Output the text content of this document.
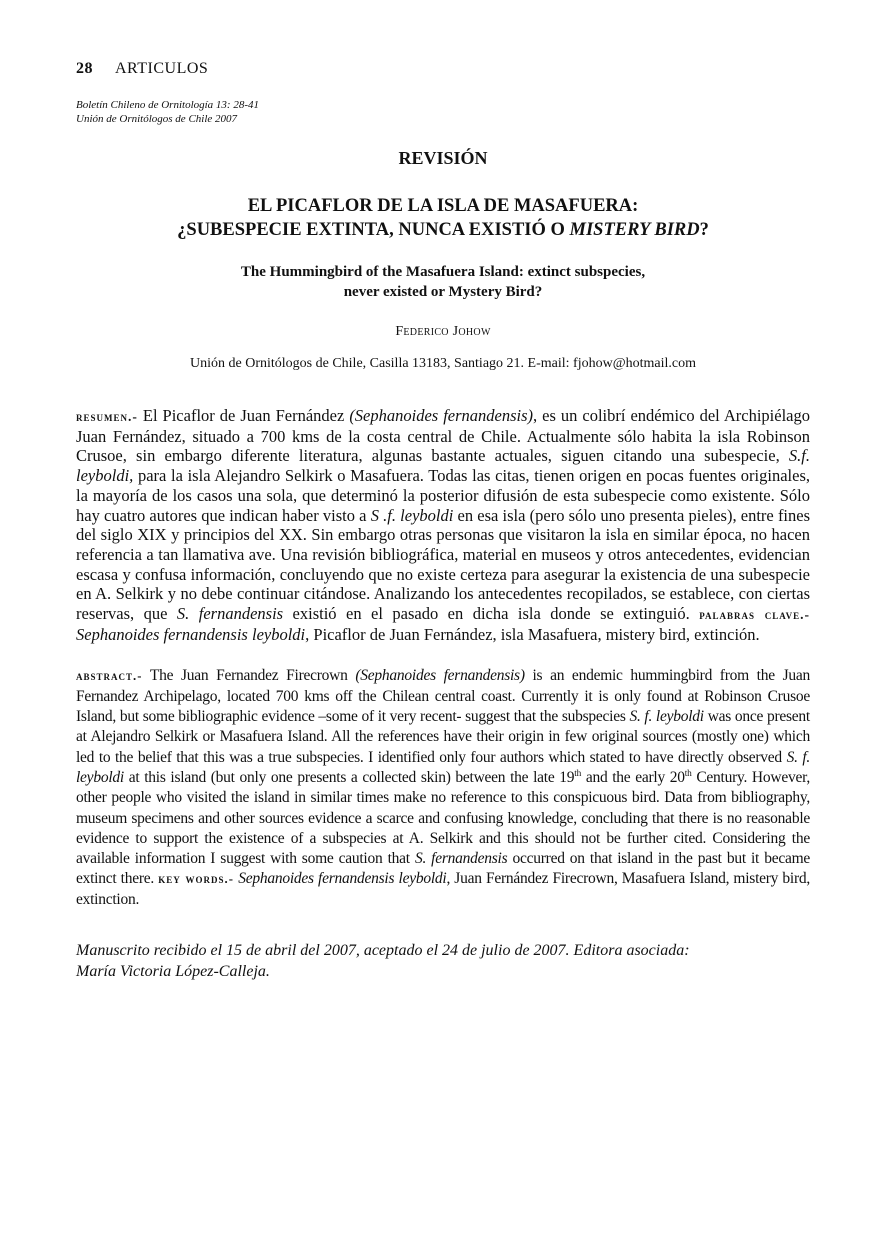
28 ARTICULOS
Boletín Chileno de Ornitología 13: 28-41
Unión de Ornitólogos de Chile 2007
REVISIÓN
EL PICAFLOR DE LA ISLA DE MASAFUERA:
¿SUBESPECIE EXTINTA, NUNCA EXISTIÓ O MISTERY BIRD?
The Hummingbird of the Masafuera Island: extinct subspecies,
never existed or Mystery Bird?
Federico Johow
Unión de Ornitólogos de Chile, Casilla 13183, Santiago 21. E-mail: fjohow@hotmail.com

resumen.- El Picaflor de Juan Fernández (Sephanoides fernandensis), es un colibrí endémico del Archipiélago Juan Fernández, situado a 700 kms de la costa central de Chile. Actualmente sólo habita la isla Robinson Crusoe, sin embargo diferente literatura, algunas bastante actuales, siguen citando una subespecie, S.f. leyboldi, para la isla Alejandro Selkirk o Masafuera. Todas las citas, tienen origen en pocas fuentes originales, la mayoría de los casos una sola, que determinó la posterior difusión de esta subespecie como existente. Sólo hay cuatro autores que indican haber visto a S .f. leyboldi en esa isla (pero sólo uno presenta pieles), entre fines del siglo XIX y principios del XX. Sin embargo otras personas que visitaron la isla en similar época, no hacen referencia a tan llamativa ave. Una revisión bibliográfica, material en museos y otros antecedentes, evidencian escasa y confusa información, concluyendo que no existe certeza para asegurar la existencia de una subespecie en A. Selkirk y no debe continuar citándose. Analizando los antecedentes recopilados, se establece, con ciertas reservas, que S. fernandensis existió en el pasado en dicha isla donde se extinguió. palabras clave.- Sephanoides fernandensis leyboldi, Picaflor de Juan Fernández, isla Masafuera, mistery bird, extinción.

abstract.- The Juan Fernandez Firecrown (Sephanoides fernandensis) is an endemic hummingbird from the Juan Fernandez Archipelago, located 700 kms off the Chilean central coast. Currently it is only found at Robinson Crusoe Island, but some bibliographic evidence –some of it very recent- suggest that the subspecies S. f. leyboldi was once present at Alejandro Selkirk or Masafuera Island. All the references have their origin in few original sources (mostly one) which led to the belief that this was a true subspecies. I identified only four authors which stated to have directly observed S. f. leyboldi at this island (but only one presents a collected skin) between the late 19th and the early 20th Century. However, other people who visited the island in similar times make no reference to this conspicuous bird. Data from bibliography, museum specimens and other sources evidence a scarce and confusing knowledge, concluding that there is no reasonable evidence to support the existence of a subspecies at A. Selkirk and this should not be further cited. Considering the available information I suggest with some caution that S. fernandensis occurred on that island in the past but it became extinct there. key words.- Sephanoides fernandensis leyboldi, Juan Fernández Firecrown, Masafuera Island, mistery bird, extinction.

Manuscrito recibido el 15 de abril del 2007, aceptado el 24 de julio de 2007. Editora asociada:
María Victoria López-Calleja.
